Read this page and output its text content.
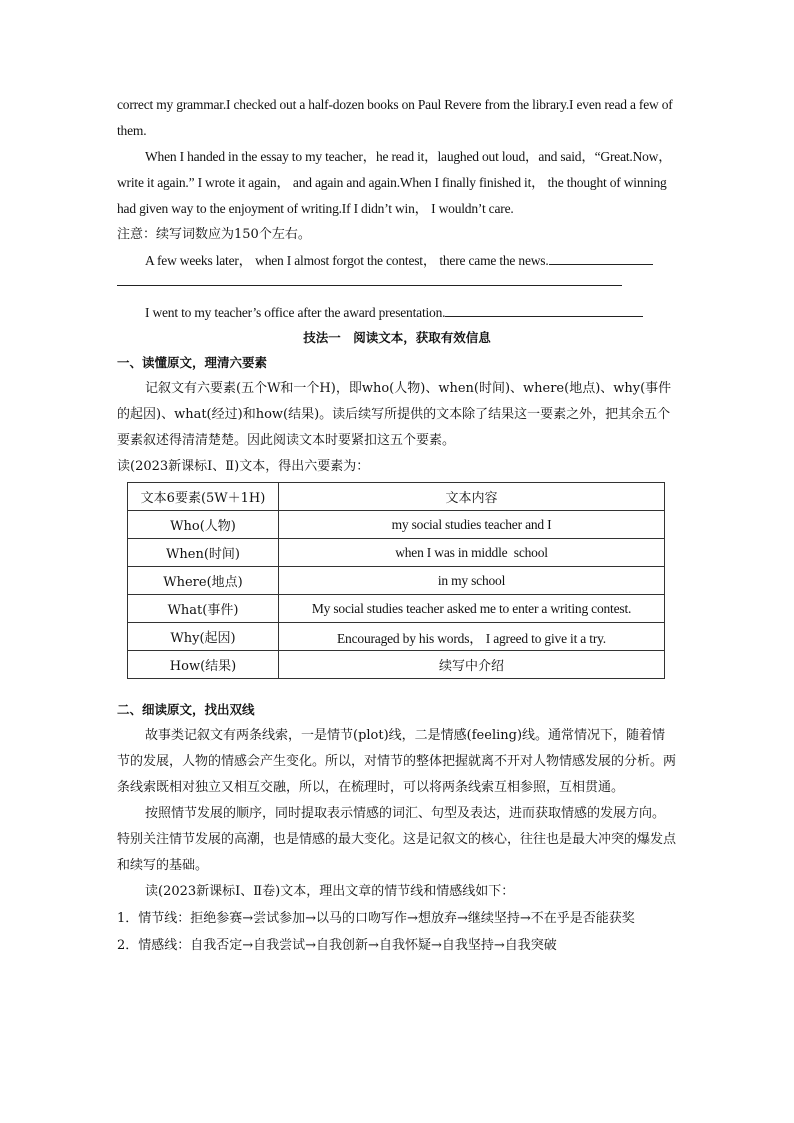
correct my grammar.I checked out a half-dozen books on Paul Revere from the library.I even read a few of them.

When I handed in the essay to my teacher，he read it，laughed out loud，and said，“Great.Now，write it again.” I wrote it again， and again and again.When I finally finished it， the thought of winning had given way to the enjoyment of writing.If I didn’t win， I wouldn’t care.

注意：续写词数应为150个左右。

A few weeks later， when I almost forgot the contest， there came the news.

I went to my teacher’s office after the award presentation.

技法一　阅读文本，获取有效信息

一、读懂原文，理清六要素

记叙文有六要素(五个W和一个H)，即who(人物)、when(时间)、where(地点)、why(事件的起因)、what(经过)和how(结果)。读后续写所提供的文本除了结果这一要素之外，把其余五个要素叙述得清清楚楚。因此阅读文本时要紧扣这五个要素。

读(2023新课标Ⅰ、Ⅱ)文本，得出六要素为：

文本6要素(5W＋1H)	文本内容
Who(人物)	my social studies teacher and I
When(时间)	when I was in middle  school
Where(地点)	in my school
What(事件)	My social studies teacher asked me to enter a writing contest.
Why(起因)	Encouraged by his words， I agreed to give it a try.
How(结果)	续写中介绍

二、细读原文，找出双线

故事类记叙文有两条线索，一是情节(plot)线，二是情感(feeling)线。通常情况下，随着情节的发展，人物的情感会产生变化。所以，对情节的整体把握就离不开对人物情感发展的分析。两条线索既相对独立又相互交融，所以，在梳理时，可以将两条线索互相参照，互相贯通。

按照情节发展的顺序，同时提取表示情感的词汇、句型及表达，进而获取情感的发展方向。特别关注情节发展的高潮，也是情感的最大变化。这是记叙文的核心，往往也是最大冲突的爆发点和续写的基础。

读(2023新课标Ⅰ、Ⅱ卷)文本，理出文章的情节线和情感线如下：

1．情节线：拒绝参赛→尝试参加→以马的口吻写作→想放弃→继续坚持→不在乎是否能获奖

2．情感线：自我否定→自我尝试→自我创新→自我怀疑→自我坚持→自我突破
